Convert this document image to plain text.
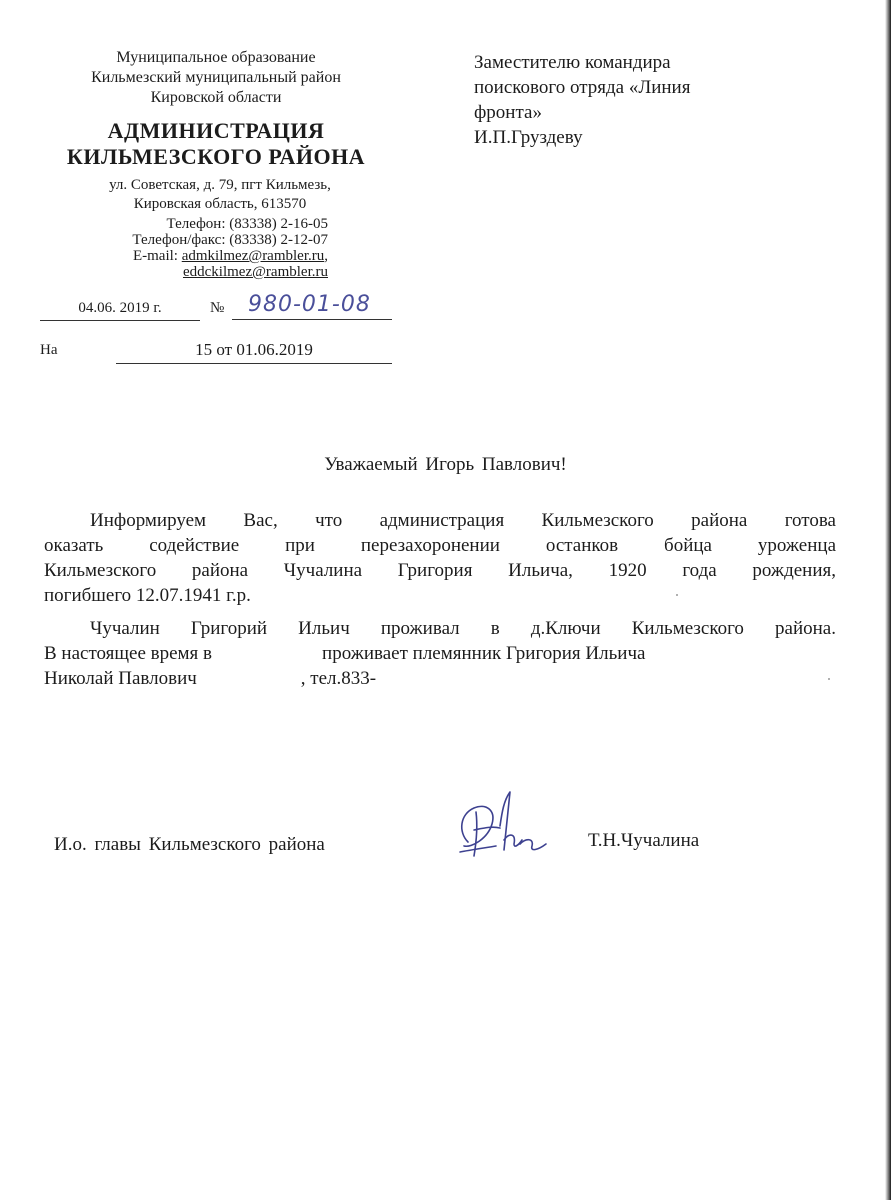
Муниципальное образование
Кильмезский муниципальный район
Кировской области
АДМИНИСТРАЦИЯ
КИЛЬМЕЗСКОГО РАЙОНА
ул. Советская, д. 79, пгт Кильмезь,
Кировская область, 613570
Телефон: (83338) 2-16-05
Телефон/факс: (83338) 2-12-07
E-mail: admkilmez@rambler.ru,
eddckilmez@rambler.ru
04.06. 2019 г.	№	980-01-08
На	15 от 01.06.2019
Заместителю командира
поискового отряда «Линия
фронта»
И.П.Груздеву
Уважаемый Игорь Павлович!
Информируем Вас, что администрация Кильмезского района готова
оказать содействие при перезахоронении останков бойца уроженца
Кильмезского района Чучалина Григория Ильича, 1920 года рождения,
погибшего 12.07.1941 г.р.
Чучалин Григорий Ильич проживал в д.Ключи Кильмезского района.
В настоящее время в	проживает племянник Григория Ильича
Николай Павлович	, тел.833-
И.о. главы Кильмезского района	Т.Н.Чучалина
